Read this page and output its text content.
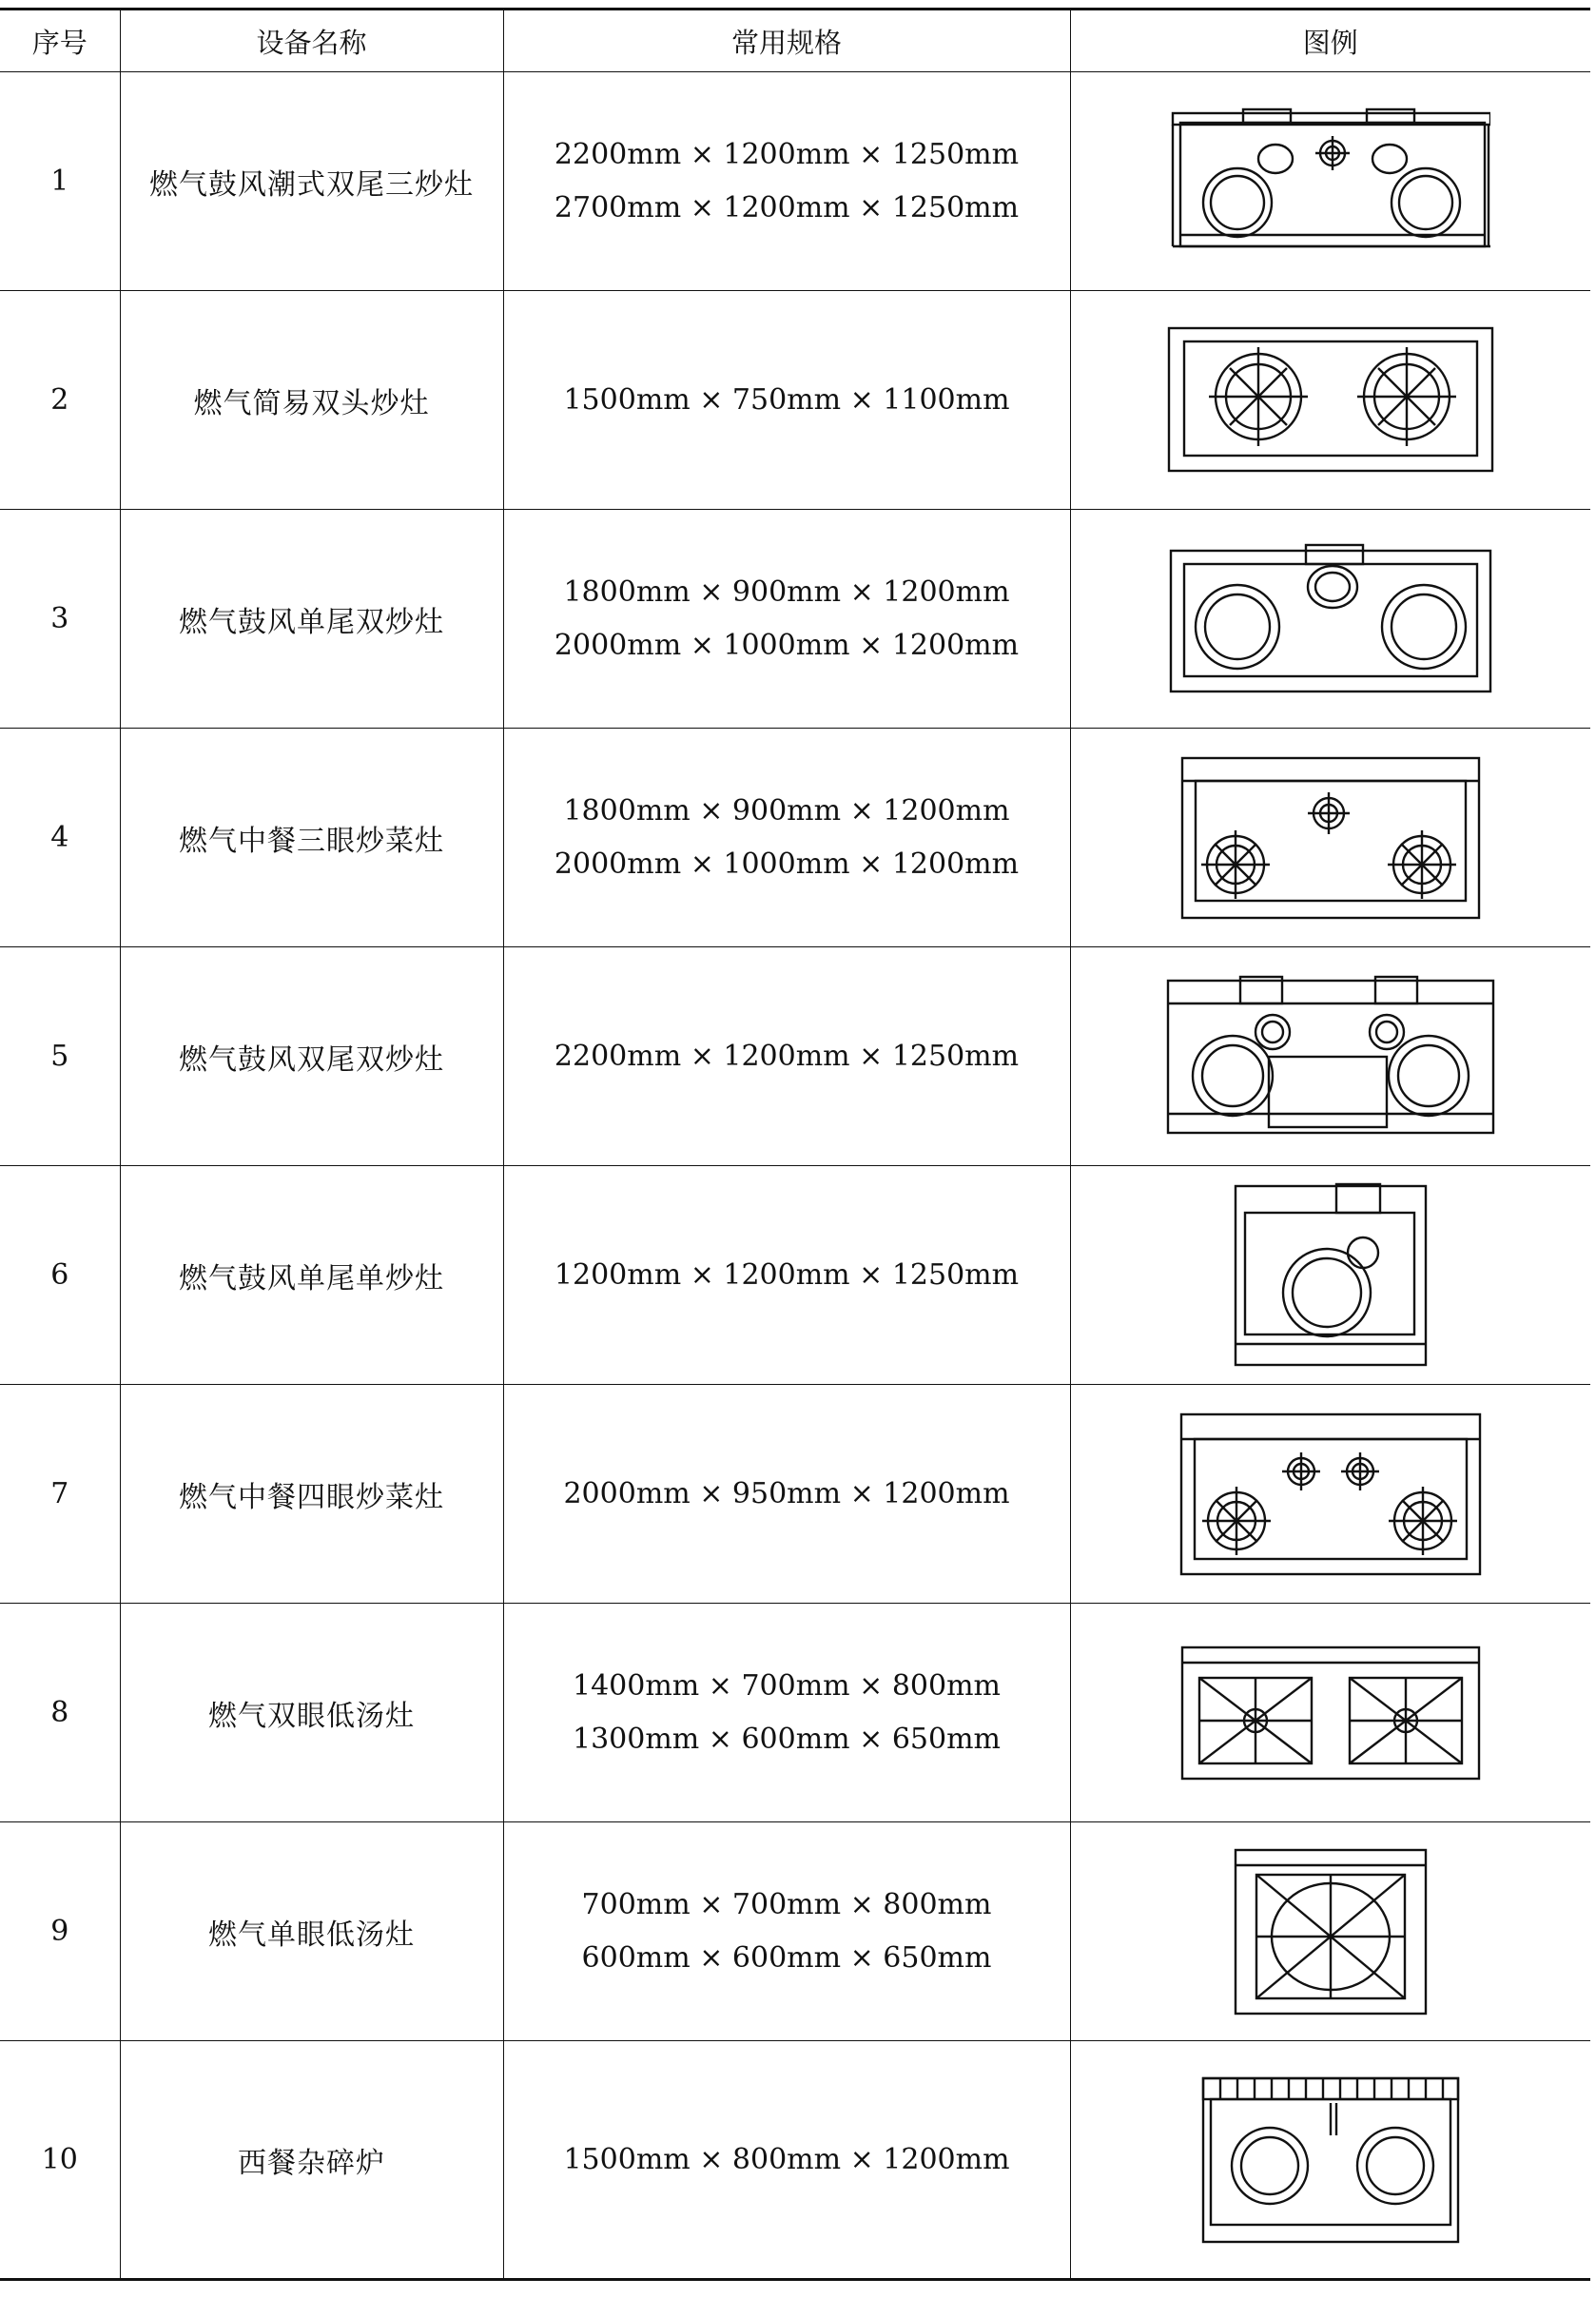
序号	设备名称	常用规格	图例
1	燃气鼓风潮式双尾三炒灶	2200mm × 1200mm × 1250mm
2700mm × 1200mm × 1250mm

2	燃气简易双头炒灶	1500mm × 750mm × 1100mm

3	燃气鼓风单尾双炒灶	1800mm × 900mm × 1200mm
2000mm × 1000mm × 1200mm

4	燃气中餐三眼炒菜灶	1800mm × 900mm × 1200mm
2000mm × 1000mm × 1200mm

5	燃气鼓风双尾双炒灶	2200mm × 1200mm × 1250mm

6	燃气鼓风单尾单炒灶	1200mm × 1200mm × 1250mm

7	燃气中餐四眼炒菜灶	2000mm × 950mm × 1200mm

8	燃气双眼低汤灶	1400mm × 700mm × 800mm
1300mm × 600mm × 650mm

9	燃气单眼低汤灶	700mm × 700mm × 800mm
600mm × 600mm × 650mm

10	西餐杂碎炉	1500mm × 800mm × 1200mm
